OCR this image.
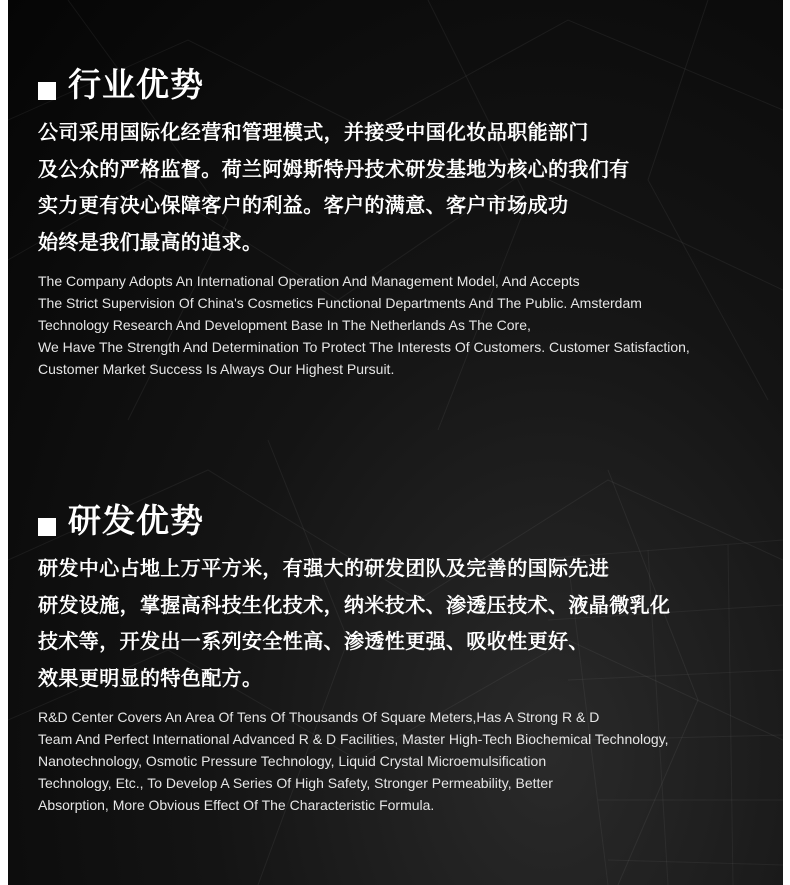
行业优势
公司采用国际化经营和管理模式，并接受中国化妆品职能部门
及公众的严格监督。荷兰阿姆斯特丹技术研发基地为核心的我们有
实力更有决心保障客户的利益。客户的满意、客户市场成功
始终是我们最高的追求。
The Company Adopts An International Operation And Management Model, And Accepts
The Strict Supervision Of China's Cosmetics Functional Departments And The Public. Amsterdam
Technology Research And Development Base In The Netherlands As The Core,
We Have The Strength And Determination To Protect The Interests Of Customers. Customer Satisfaction,
Customer Market Success Is Always Our Highest Pursuit.
研发优势
研发中心占地上万平方米，有强大的研发团队及完善的国际先进
研发设施，掌握高科技生化技术，纳米技术、渗透压技术、液晶微乳化
技术等，开发出一系列安全性高、渗透性更强、吸收性更好、
效果更明显的特色配方。
R&D Center Covers An Area Of Tens Of Thousands Of Square Meters,Has A Strong R & D
Team And Perfect International Advanced R & D Facilities, Master High-Tech Biochemical Technology,
Nanotechnology, Osmotic Pressure Technology, Liquid Crystal Microemulsification
Technology, Etc., To Develop A Series Of High Safety, Stronger Permeability, Better
Absorption, More Obvious Effect Of The Characteristic Formula.
